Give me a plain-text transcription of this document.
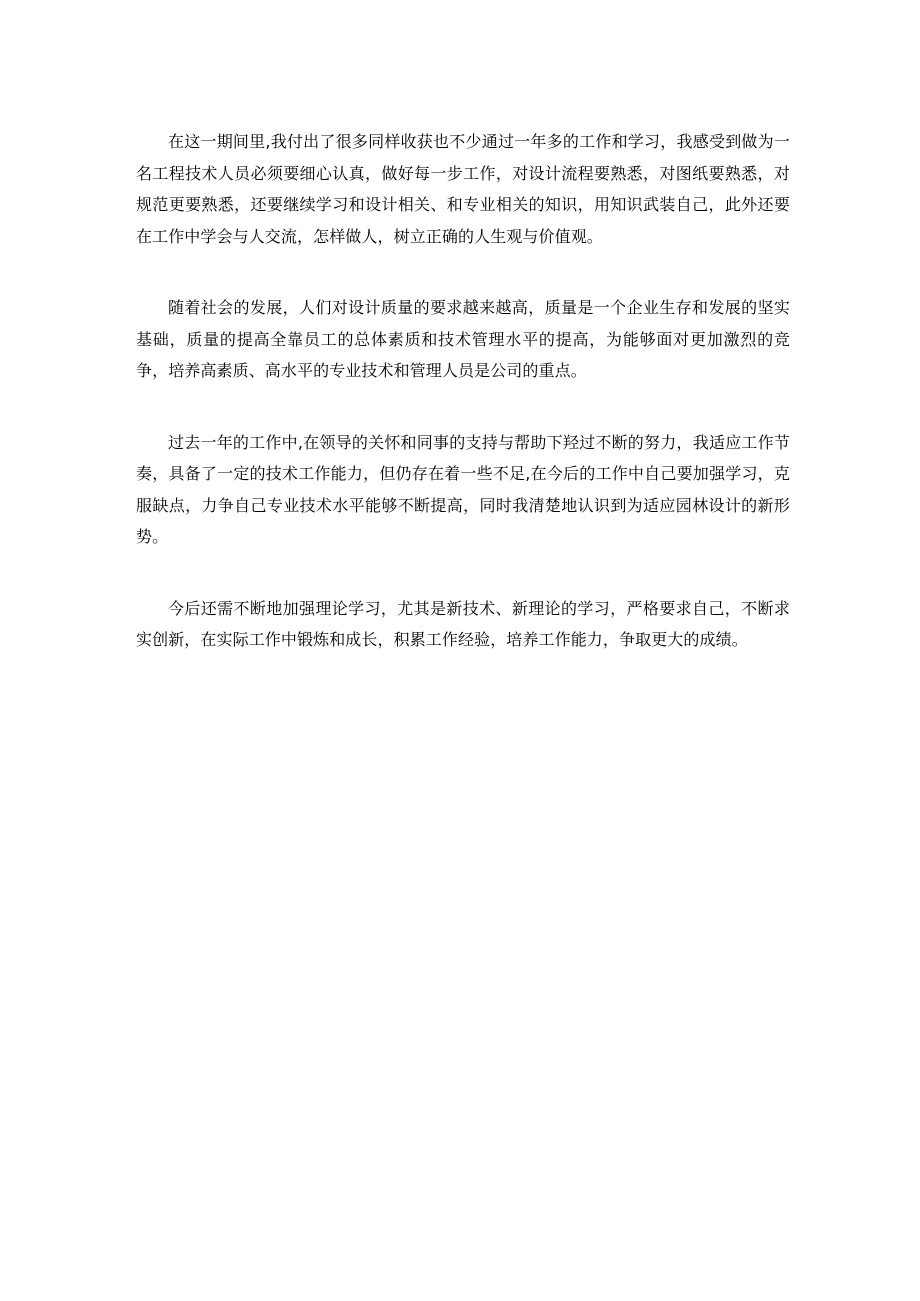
在这一期间里,我付出了很多同样收获也不少通过一年多的工作和学习，我感受到做为一名工程技术人员必须要细心认真，做好每一步工作，对设计流程要熟悉，对图纸要熟悉，对规范更要熟悉，还要继续学习和设计相关、和专业相关的知识，用知识武装自己，此外还要在工作中学会与人交流，怎样做人，树立正确的人生观与价值观。

随着社会的发展，人们对设计质量的要求越来越高，质量是一个企业生存和发展的坚实基础，质量的提高全靠员工的总体素质和技术管理水平的提高，为能够面对更加激烈的竞争，培养高素质、高水平的专业技术和管理人员是公司的重点。

过去一年的工作中,在领导的关怀和同事的支持与帮助下羟过不断的努力，我适应工作节奏，具备了一定的技术工作能力，但仍存在着一些不足,在今后的工作中自己要加强学习，克服缺点，力争自己专业技术水平能够不断提高，同时我清楚地认识到为适应园林设计的新形势。

今后还需不断地加强理论学习，尤其是新技术、新理论的学习，严格要求自己，不断求实创新，在实际工作中锻炼和成长，积累工作经验，培养工作能力，争取更大的成绩。
